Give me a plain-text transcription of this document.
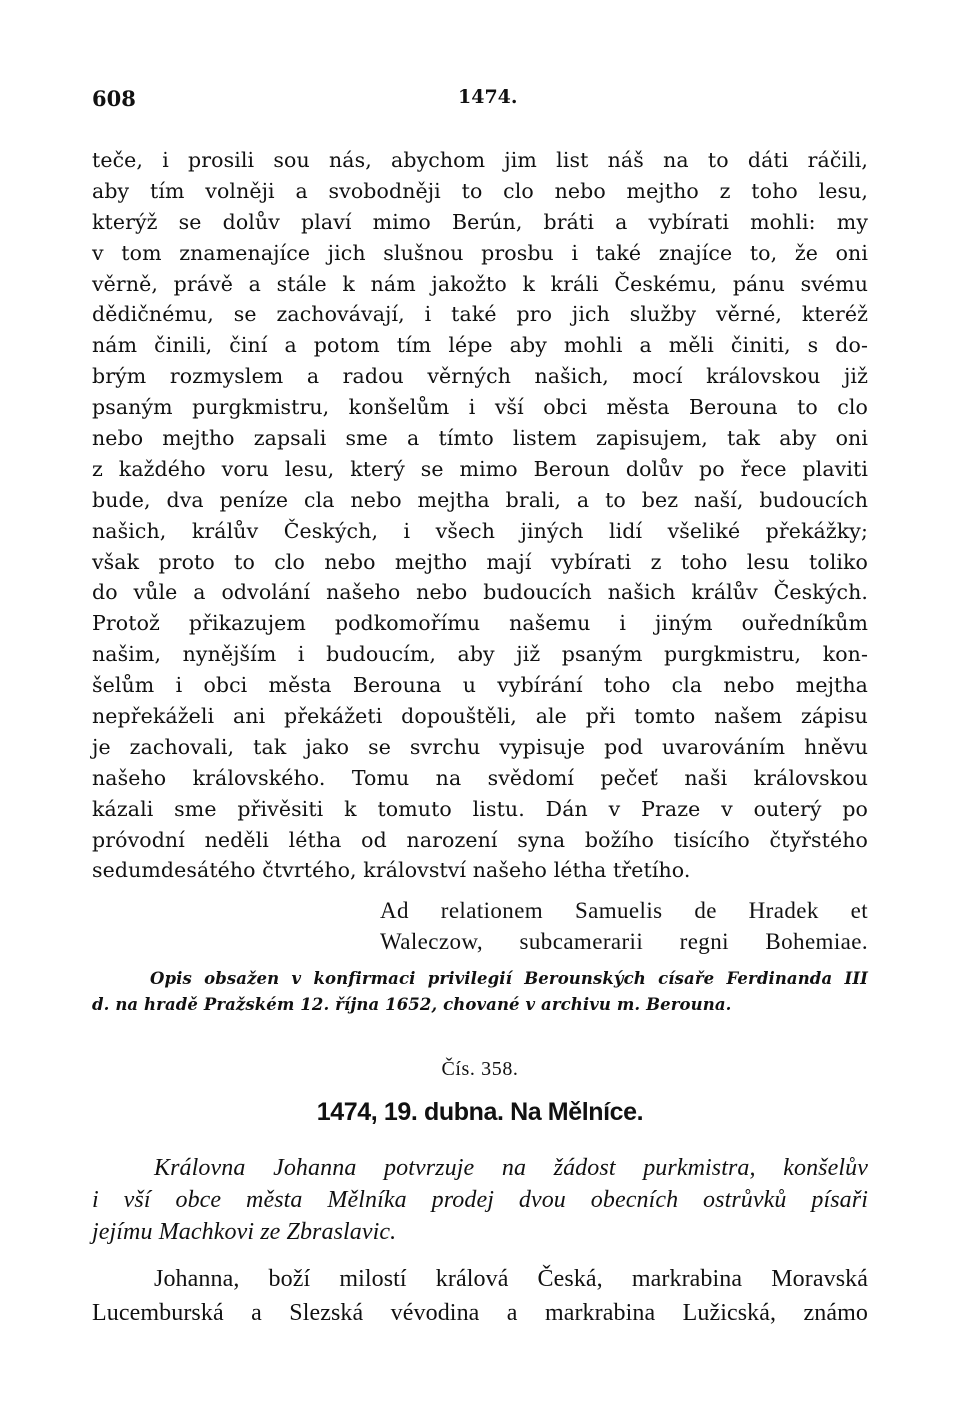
608	1474.
teče, i prosili sou nás, abychom jim list náš na to dáti ráčili,
aby tím volněji a svobodněji to clo nebo mejtho z toho lesu,
kterýž se dolův plaví mimo Berún, bráti a vybírati mohli: my
v tom znamenajíce jich slušnou prosbu i také znajíce to, že oni
věrně, právě a stále k nám jakožto k králi Českému, pánu svému
dědičnému, se zachovávají, i také pro jich služby věrné, kteréž
nám činili, činí a potom tím lépe aby mohli a měli činiti, s do-
brým rozmyslem a radou věrných našich, mocí královskou již
psaným purgkmistru, konšelům i vší obci města Berouna to clo
nebo mejtho zapsali sme a tímto listem zapisujem, tak aby oni
z každého voru lesu, který se mimo Beroun dolův po řece plaviti
bude, dva peníze cla nebo mejtha brali, a to bez naší, budoucích
našich, králův Českých, i všech jiných lidí všeliké překážky;
však proto to clo nebo mejtho mají vybírati z toho lesu toliko
do vůle a odvolání našeho nebo budoucích našich králův Českých.
Protož přikazujem podkomořímu našemu i jiným ouředníkům
našim, nynějším i budoucím, aby již psaným purgkmistru, kon-
šelům i obci města Berouna u vybírání toho cla nebo mejtha
nepřekáželi ani překážeti dopouštěli, ale při tomto našem zápisu
je zachovali, tak jako se svrchu vypisuje pod uvarováním hněvu
našeho královského. Tomu na svědomí pečeť naši královskou
kázali sme přivěsiti k tomuto listu. Dán v Praze v outerý po
próvodní neděli létha od narození syna božího tisícího čtyřstého
sedumdesátého čtvrtého, království našeho létha třetího.
Ad relationem Samuelis de Hradek et
Waleczow, subcamerarii regni Bohemiae.
Opis obsažen v konfirmaci privilegií Berounských císaře Ferdinanda III
d. na hradě Pražském 12. října 1652, chované v archivu m. Berouna.
Čís. 358.
1474, 19. dubna. Na Mělníce.
Královna Johanna potvrzuje na žádost purkmistra, konšelův
i vší obce města Mělníka prodej dvou obecních ostrůvků písaři
jejímu Machkovi ze Zbraslavic.
Johanna, boží milostí králová Česká, markrabina Moravská
Lucemburská a Slezská vévodina a markrabina Lužicská, známo
